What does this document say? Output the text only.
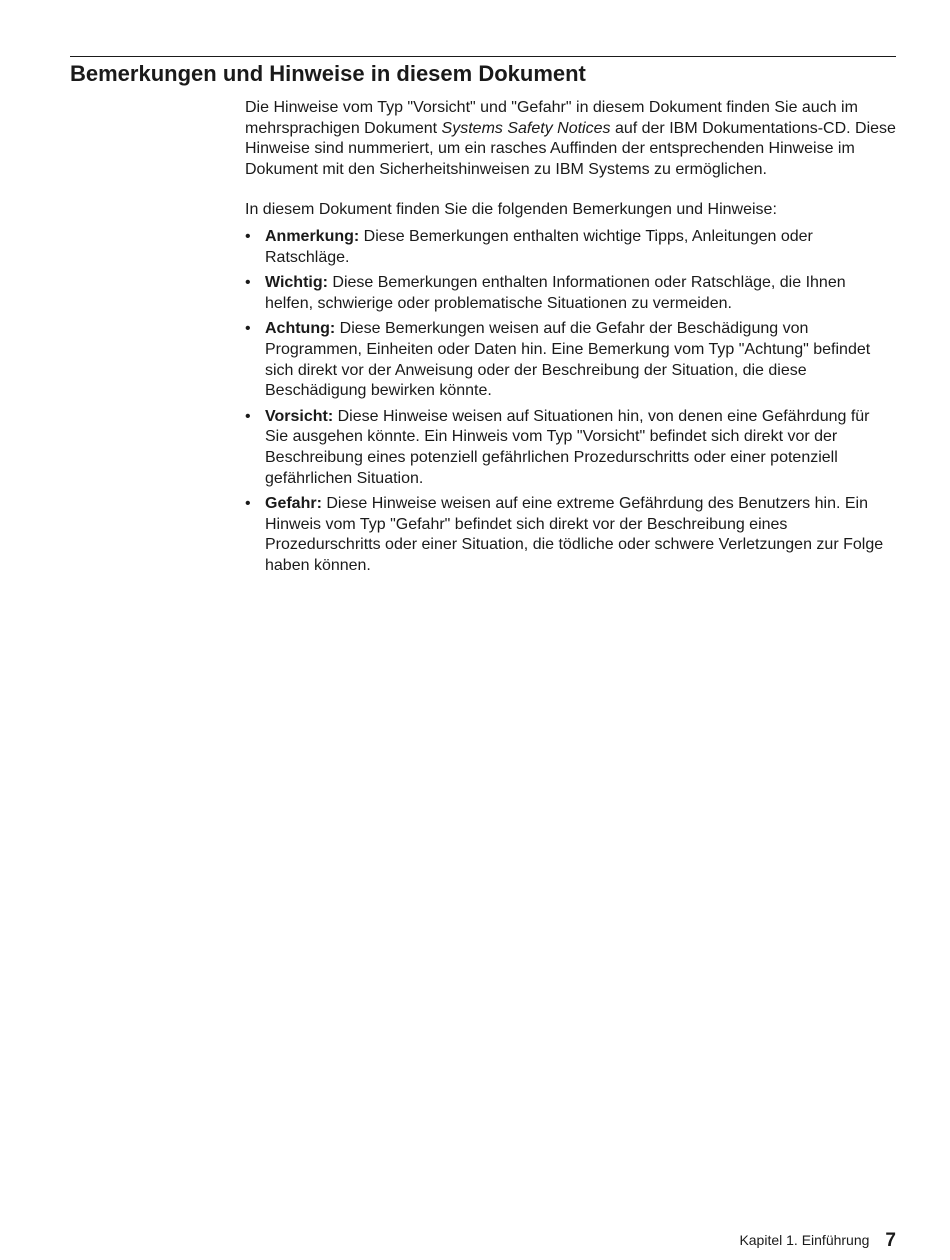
Bemerkungen und Hinweise in diesem Dokument

Die Hinweise vom Typ "Vorsicht" und "Gefahr" in diesem Dokument finden Sie auch im mehrsprachigen Dokument Systems Safety Notices auf der IBM Dokumentations-CD. Diese Hinweise sind nummeriert, um ein rasches Auffinden der entsprechenden Hinweise im Dokument mit den Sicherheitshinweisen zu IBM Systems zu ermöglichen.

In diesem Dokument finden Sie die folgenden Bemerkungen und Hinweise:

• Anmerkung: Diese Bemerkungen enthalten wichtige Tipps, Anleitungen oder Ratschläge.
• Wichtig: Diese Bemerkungen enthalten Informationen oder Ratschläge, die Ihnen helfen, schwierige oder problematische Situationen zu vermeiden.
• Achtung: Diese Bemerkungen weisen auf die Gefahr der Beschädigung von Programmen, Einheiten oder Daten hin. Eine Bemerkung vom Typ "Achtung" befindet sich direkt vor der Anweisung oder der Beschreibung der Situation, die diese Beschädigung bewirken könnte.
• Vorsicht: Diese Hinweise weisen auf Situationen hin, von denen eine Gefährdung für Sie ausgehen könnte. Ein Hinweis vom Typ "Vorsicht" befindet sich direkt vor der Beschreibung eines potenziell gefährlichen Prozedurschritts oder einer potenziell gefährlichen Situation.
• Gefahr: Diese Hinweise weisen auf eine extreme Gefährdung des Benutzers hin. Ein Hinweis vom Typ "Gefahr" befindet sich direkt vor der Beschreibung eines Prozedurschritts oder einer Situation, die tödliche oder schwere Verletzungen zur Folge haben können.
Kapitel 1. Einführung 7
